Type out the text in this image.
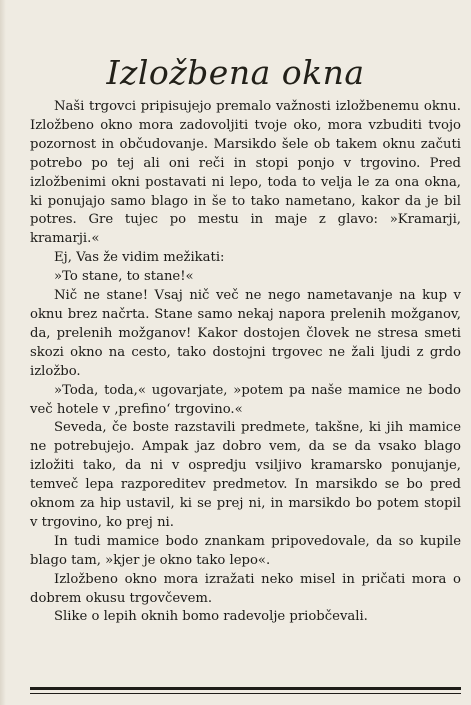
Izložbena okna

Naši trgovci pripisujejo premalo važnosti izložbenemu oknu. Izložbeno okno mora zadovoljiti tvoje oko, mora vzbuditi tvojo pozornost in občudovanje. Marsikdo šele ob takem oknu začuti potrebo po tej ali oni reči in stopi ponjo v trgovino. Pred izložbenimi okni postavati ni lepo, toda to velja le za ona okna, ki ponujajo samo blago in še to tako nametano, kakor da je bil potres. Gre tujec po mestu in maje z glavo: »Kramarji, kramarji.«

Ej, Vas že vidim mežikati:

»To stane, to stane!«

Nič ne stane! Vsaj nič več ne nego nametavanje na kup v oknu brez načrta. Stane samo nekaj napora prelenih možganov, da, prelenih možganov! Kakor dostojen človek ne stresa smeti skozi okno na cesto, tako dostojni trgovec ne žali ljudi z grdo izložbo.

»Toda, toda,« ugovarjate, »potem pa naše mamice ne bodo več hotele v ‚prefino‘ trgovino.«

Seveda, če boste razstavili predmete, takšne, ki jih mamice ne potrebujejo. Ampak jaz dobro vem, da se da vsako blago izložiti tako, da ni v ospredju vsiljivo kramarsko ponujanje, temveč lepa razporeditev predmetov. In marsikdo se bo pred oknom za hip ustavil, ki se prej ni, in marsikdo bo potem stopil v trgovino, ko prej ni.

In tudi mamice bodo znankam pripovedovale, da so kupile blago tam, »kjer je okno tako lepo«.

Izložbeno okno mora izražati neko misel in pričati mora o dobrem okusu trgovčevem.

Slike o lepih oknih bomo radevolje priobčevali.
